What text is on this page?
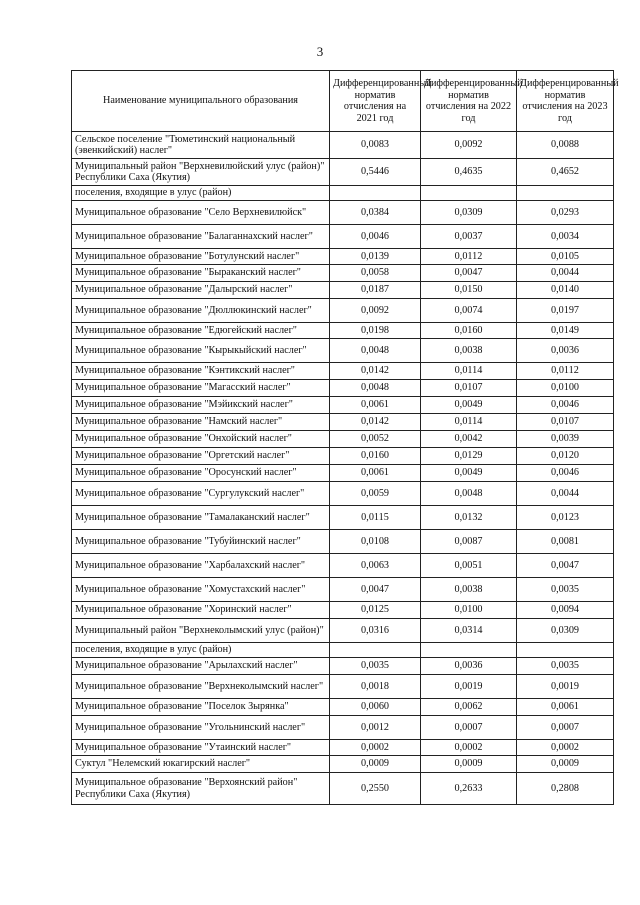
3
Наименование муниципального образования	Дифференцированный норматив отчисления на 2021 год	Дифференцированный норматив отчисления на 2022 год	Дифференцированный норматив отчисления на 2023 год
Сельское поселение "Тюметинский национальный (эвенкийский) наслег"	0,0083	0,0092	0,0088
Муниципальный район "Верхневилюйский улус (район)" Республики Саха (Якутия)	0,5446	0,4635	0,4652
поселения, входящие в улус (район)			
Муниципальное образование "Село Верхневилюйск"	0,0384	0,0309	0,0293
Муниципальное образование "Балаганнахский наслег"	0,0046	0,0037	0,0034
Муниципальное образование "Ботулунский наслег"	0,0139	0,0112	0,0105
Муниципальное образование "Быраканский наслег"	0,0058	0,0047	0,0044
Муниципальное образование "Далырский наслег"	0,0187	0,0150	0,0140
Муниципальное образование "Дюллюкинский наслег"	0,0092	0,0074	0,0197
Муниципальное образование "Едюгейский наслег"	0,0198	0,0160	0,0149
Муниципальное образование "Кырыкыйский наслег"	0,0048	0,0038	0,0036
Муниципальное образование "Кэнтикский наслег"	0,0142	0,0114	0,0112
Муниципальное образование "Магасский наслег"	0,0048	0,0107	0,0100
Муниципальное образование "Мэйикский наслег"	0,0061	0,0049	0,0046
Муниципальное образование "Намский наслег"	0,0142	0,0114	0,0107
Муниципальное образование "Онхойский наслег"	0,0052	0,0042	0,0039
Муниципальное образование "Оргетский наслег"	0,0160	0,0129	0,0120
Муниципальное образование "Оросунский наслег"	0,0061	0,0049	0,0046
Муниципальное образование "Сургулукский наслег"	0,0059	0,0048	0,0044
Муниципальное образование "Тамалаканский наслег"	0,0115	0,0132	0,0123
Муниципальное образование "Тубуйинский наслег"	0,0108	0,0087	0,0081
Муниципальное образование "Харбалахский наслег"	0,0063	0,0051	0,0047
Муниципальное образование "Хомустахский наслег"	0,0047	0,0038	0,0035
Муниципальное образование "Хоринский наслег"	0,0125	0,0100	0,0094
Муниципальный район "Верхнеколымский улус (район)"	0,0316	0,0314	0,0309
поселения, входящие в улус (район)			
Муниципальное образование "Арылахский наслег"	0,0035	0,0036	0,0035
Муниципальное образование "Верхнеколымский наслег"	0,0018	0,0019	0,0019
Муниципальное образование "Поселок Зырянка"	0,0060	0,0062	0,0061
Муниципальное образование "Угольнинский наслег"	0,0012	0,0007	0,0007
Муниципальное образование "Утаинский наслег"	0,0002	0,0002	0,0002
Суктул "Нелемский юкагирский наслег"	0,0009	0,0009	0,0009
Муниципальное образование "Верхоянский район" Республики Саха (Якутия)	0,2550	0,2633	0,2808
